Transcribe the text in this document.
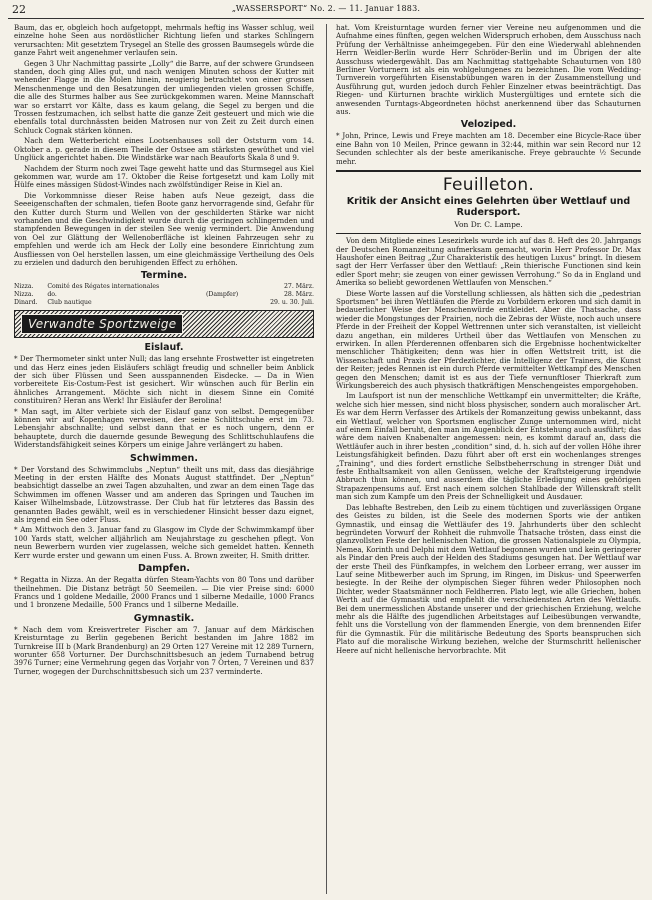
22	„WASSERSPORT“ No. 2. — 11. Januar 1883.

Baum, das er, obgleich hoch aufgetoppt, mehrmals heftig ins Wasser schlug, weil einzelne hohe Seen aus nordöstlicher Richtung liefen und starkes Schlingern verursachten: Mit gesetztem Trysegel an Stelle des grossen Baumsegels würde die ganze Fahrt weit angenehmer verlaufen sein.

Gegen 3 Uhr Nachmittag passirte „Lolly“ die Barre, auf der schwere Grundseen standen, doch ging Alles gut, und nach wenigen Minuten schoss der Kutter mit wehender Flagge in die Molen hinein, neugierig betrachtet von einer grossen Menschenmenge und den Besatzungen der umliegenden vielen grossen Schiffe, die alle des Sturmes halber aus See zurückgekommen waren. Meine Mannschaft war so erstarrt vor Kälte, dass es kaum gelang, die Segel zu bergen und die Trossen festzumachen, ich selbst hatte die ganze Zeit gesteuert und mich wie die ebenfalls total durchnässten beiden Matrosen nur von Zeit zu Zeit durch einen Schluck Cognak stärken können.

Nach dem Wetterbericht eines Lootsenhauses soll der Oststurm vom 14. Oktober a. p. gerade in diesem Theile der Ostsee am stärksten gewüthet und viel Unglück angerichtet haben. Die Windstärke war nach Beauforts Skala 8 und 9.

Nachdem der Sturm noch zwei Tage geweht hatte und das Sturmsegel aus Kiel gekommen war, wurde am 17. Oktober die Reise fortgesetzt und kam Lolly mit Hülfe eines mässigen Südost-Windes nach zwölfstündiger Reise in Kiel an.

Die Vorkommnisse dieser Reise haben aufs Neue gezeigt, dass die Seeeigenschaften der schmalen, tiefen Boote ganz hervorragende sind, Gefahr für den Kutter durch Sturm und Wellen von der geschilderten Stärke war nicht vorhanden und die Geschwindigkeit wurde durch die geringen schlingernden und stampfenden Bewegungen in der steilen See wenig vermindert. Die Anwendung von Oel zur Glättung der Wellenoberfläche ist kleinen Fahrzeugen sehr zu empfehlen und werde ich am Heck der Lolly eine besondere Einrichtung zum Ausfliessen von Oel herstellen lassen, um eine gleichmässige Vertheilung des Oels zu erzielen und dadurch den beruhigenden Effect zu erhöhen.

Termine.
Nizza.	Comité des Régates internationales		27. März.
Nizza.	do.	(Dampfer)	28. März.
Dinard.	Club nautique		29. u. 30. Juli.
Verwandte Sportzweige
Eislauf.

* Der Thermometer sinkt unter Null; das lang ersehnte Frostwetter ist eingetreten und das Herz eines jeden Eisläufers schlägt freudig und schneller beim Anblick der sich über Flüssen und Seen ausspannenden Eisdecke. — Da in Wien vorbereitete Eis-Costum-Fest ist gesichert. Wir wünschen auch für Berlin ein ähnliches Arrangement. Möchte sich nicht in diesem Sinne ein Comité constituiren? Heran ans Werk! Ihr Eisläufer der Berolina!

* Man sagt, im Alter verbiete sich der Eislauf ganz von selbst. Demgegenüber können wir auf Kopenhagen verweisen, der seine Schlittschuhe erst im 73. Lebensjahr abschnallte; und selbst dann that er es noch ungern, denn er behauptete, durch die dauernde gesunde Bewegung des Schlittschuhlaufens die Widerstandsfähigkeit seines Körpers um einige Jahre verlängert zu haben.

Schwimmen.

* Der Vorstand des Schwimmclubs „Neptun“ theilt uns mit, dass das diesjährige Meeting in der ersten Hälfte des Monats August stattfindet. Der „Neptun“ beabsichtigt dasselbe an zwei Tagen abzuhalten, und zwar an dem einen Tage das Schwimmen im offenen Wasser und am anderen das Springen und Tauchen im Kaiser Wilhelmsbade, Lützowstrasse. Der Club hat für letzteres das Bassin des genannten Bades gewählt, weil es in verschiedener Hinsicht besser dazu eignet, als irgend ein See oder Fluss.

* Am Mittwoch den 3. Januar fand zu Glasgow im Clyde der Schwimmkampf über 100 Yards statt, welcher alljährlich am Neujahrstage zu geschehen pflegt. Von neun Bewerbern wurden vier zugelassen, welche sich gemeldet hatten. Kenneth Kerr wurde erster und gewann um einen Fuss. A. Brown zweiter, H. Smith dritter.

Dampfen.

* Regatta in Nizza. An der Regatta dürfen Steam-Yachts von 80 Tons und darüber theilnehmen. Die Distanz beträgt 50 Seemeilen. — Die vier Preise sind: 6000 Francs und 1 goldene Medaille, 2000 Francs und 1 silberne Medaille, 1000 Francs und 1 bronzene Medaille, 500 Francs und 1 silberne Medaille.

Gymnastik.

* Nach dem vom Kreisvertreter Fischer am 7. Januar auf dem Märkischen Kreisturntage zu Berlin gegebenen Bericht bestanden im Jahre 1882 im Turnkreise III b (Mark Brandenburg) an 29 Orten 127 Vereine mit 12 289 Turnern, worunter 658 Vorturner. Der Durchschnittsbesuch an jedem Turnabend betrug 3976 Turner; eine Vermehrung gegen das Vorjahr von 7 Orten, 7 Vereinen und 837 Turner, wogegen der Durchschnittsbesuch sich um 237 verminderte.

hat. Vom Kreisturntage wurden ferner vier Vereine neu aufgenommen und die Aufnahme eines fünften, gegen welchen Widerspruch erhoben, dem Ausschuss nach Prüfung der Verhältnisse anheimgegeben. Für den eine Wiederwahl ablehnenden Herrn Weidler-Berlin wurde Herr Schröder-Berlin und im Übrigen der alte Ausschuss wiedergewählt. Das am Nachmittag stattgehabte Schauturnen von 180 Berliner Vorturnern ist als ein wohlgelungenes zu bezeichnen. Die vom Wedding-Turnverein vorgeführten Eisenstabübungen waren in der Zusammenstellung und Ausführung gut, wurden jedoch durch Fehler Einzelner etwas beeinträchtigt. Das Riegen- und Kürturnen brachte wirklich Mustergültiges und erntete sich die anwesenden Turntags-Abgeordneten höchst anerkennend über das Schauturnen aus.

Veloziped.

* John, Prince, Lewis und Freye machten am 18. December eine Bicycle-Race über eine Bahn von 10 Meilen, Prince gewann in 32:44, mithin war sein Record nur 12 Secunden schlechter als der beste amerikanische. Freye gebrauchte ½ Secunde mehr.

Feuilleton.
Kritik der Ansicht eines Gelehrten über Wettlauf und Rudersport.
Von Dr. C. Lampe.

Von dem Mitgliede eines Lesezirkels wurde ich auf das 8. Heft des 20. Jahrgangs der Deutschen Romanzeitung aufmerksam gemacht, worin Herr Professor Dr. Max Haushofer einen Beitrag „Zur Charakteristik des heutigen Luxus“ bringt. In diesem sagt der Herr Verfasser über den Wettlauf: „Rein thierische Functionen sind kein edler Sport mehr; sie zeugen von einer gewissen Verrohung.“ So da in England und Amerika so beliebt gewordenen Wettlaufen von Menschen.“

Diese Worte lassen auf die Vorstellung schliessen, als hätten sich die „pedestrian Sportsmen“ bei ihren Wettläufen die Pferde zu Vorbildern erkoren und sich damit in bedauerlicher Weise der Menschenwürde entkleidet. Aber die Thatsache, dass wieder die Mongstunges der Prairien, noch die Zebras der Wüste, noch auch unsere Pferde in der Freiheit der Koppel Wettrennen unter sich veranstalten, ist vielleicht dazu angethan, ein milderes Urtheil über das Wettlaufen von Menschen zu erwirken. In allen Pferderennen offenbaren sich die Ergebnisse hochentwickelter menschlicher Thätigkeiten; denn was hier in offen Wettstreit tritt, ist die Wissenschaft und Praxis der Pferdezüchter, die Intelligenz der Trainers, die Kunst der Reiter; jedes Rennen ist ein durch Pferde vermittelter Wettkampf des Menschen gegen den Menschen; damit ist es aus der Tiefe vernunftloser Thierkraft zum Wirkungsbereich des auch physisch thatkräftigen Menschengeistes emporgehoben.

Im Laufsport ist nun der menschliche Wettkampf ein unvermittelter; die Kräfte, welche sich hier messen, sind nicht bloss physischer, sondern auch moralischer Art. Es war dem Herrn Verfasser des Artikels der Romanzeitung gewiss unbekannt, dass ein Wettlauf, welcher von Sportsmen englischer Zunge unternommen wird, nicht auf einem Einfall beruht, den man im Augenblick der Entstehung auch ausführt; das wäre dem naiven Knabenalter angemessen: nein, es kommt darauf an, dass die Wettläufer auch in ihrer besten „condition“ sind, d. h. sich auf der vollen Höhe ihrer Leistungsfähigkeit befinden. Dazu führt aber oft erst ein wochenlanges strenges „Training“, und dies fordert ernstliche Selbstbeherrschung in strenger Diät und feste Enthaltsamkeit von allen Genüssen, welche der Kraftsteigerung irgendwie Abbruch thun können, und ausserdem die tägliche Erledigung eines gehörigen Strapazenpensums auf. Erst nach einem solchen Stahlbade der Willenskraft stellt man sich zum Kampfe um den Preis der Schnelligkeit und Ausdauer.

Das lebhafte Bestreben, den Leib zu einem tüchtigen und zuverlässigen Organe des Geistes zu bilden, ist die Seele des modernen Sports wie der antiken Gymnastik, und einsag die Wettläufer des 19. Jahrhunderts über den schlecht begründeten Vorwurf der Rohheit die ruhmvolle Thatsache trösten, dass einst die glanzvollsten Feste der hellenischen Nation, die grossen Nationalspiele zu Olympia, Nemea, Korinth und Delphi mit dem Wettlauf begonnen wurden und kein geringerer als Pindar den Preis auch der Helden des Stadiums gesungen hat. Der Wettlauf war der erste Theil des Fünfkampfes, in welchem den Lorbeer errang, wer ausser im Lauf seine Mitbewerber auch im Sprung, im Ringen, im Diskus- und Speerwerfen besiegte. In der Reihe der olympischen Sieger führen weder Philosophen noch Dichter, weder Staatsmänner noch Feldherren. Plato legt, wie alle Griechen, hohen Werth auf die Gymnastik und empfiehlt die verschiedensten Arten des Wettlaufs. Bei dem unermesslichen Abstande unserer und der griechischen Erziehung, welche mehr als die Hälfte des jugendlichen Arbeitstages auf Leibesübungen verwandte, fehlt uns die Vorstellung von der flammenden Energie, von dem brennenden Eifer für die Gymnastik. Für die militärische Bedeutung des Sports beanspruchen sich Plato auf die moralische Wirkung beziehen, welche der Sturmschritt hellenischer Heere auf nicht hellenische hervorbrachte. Mit
